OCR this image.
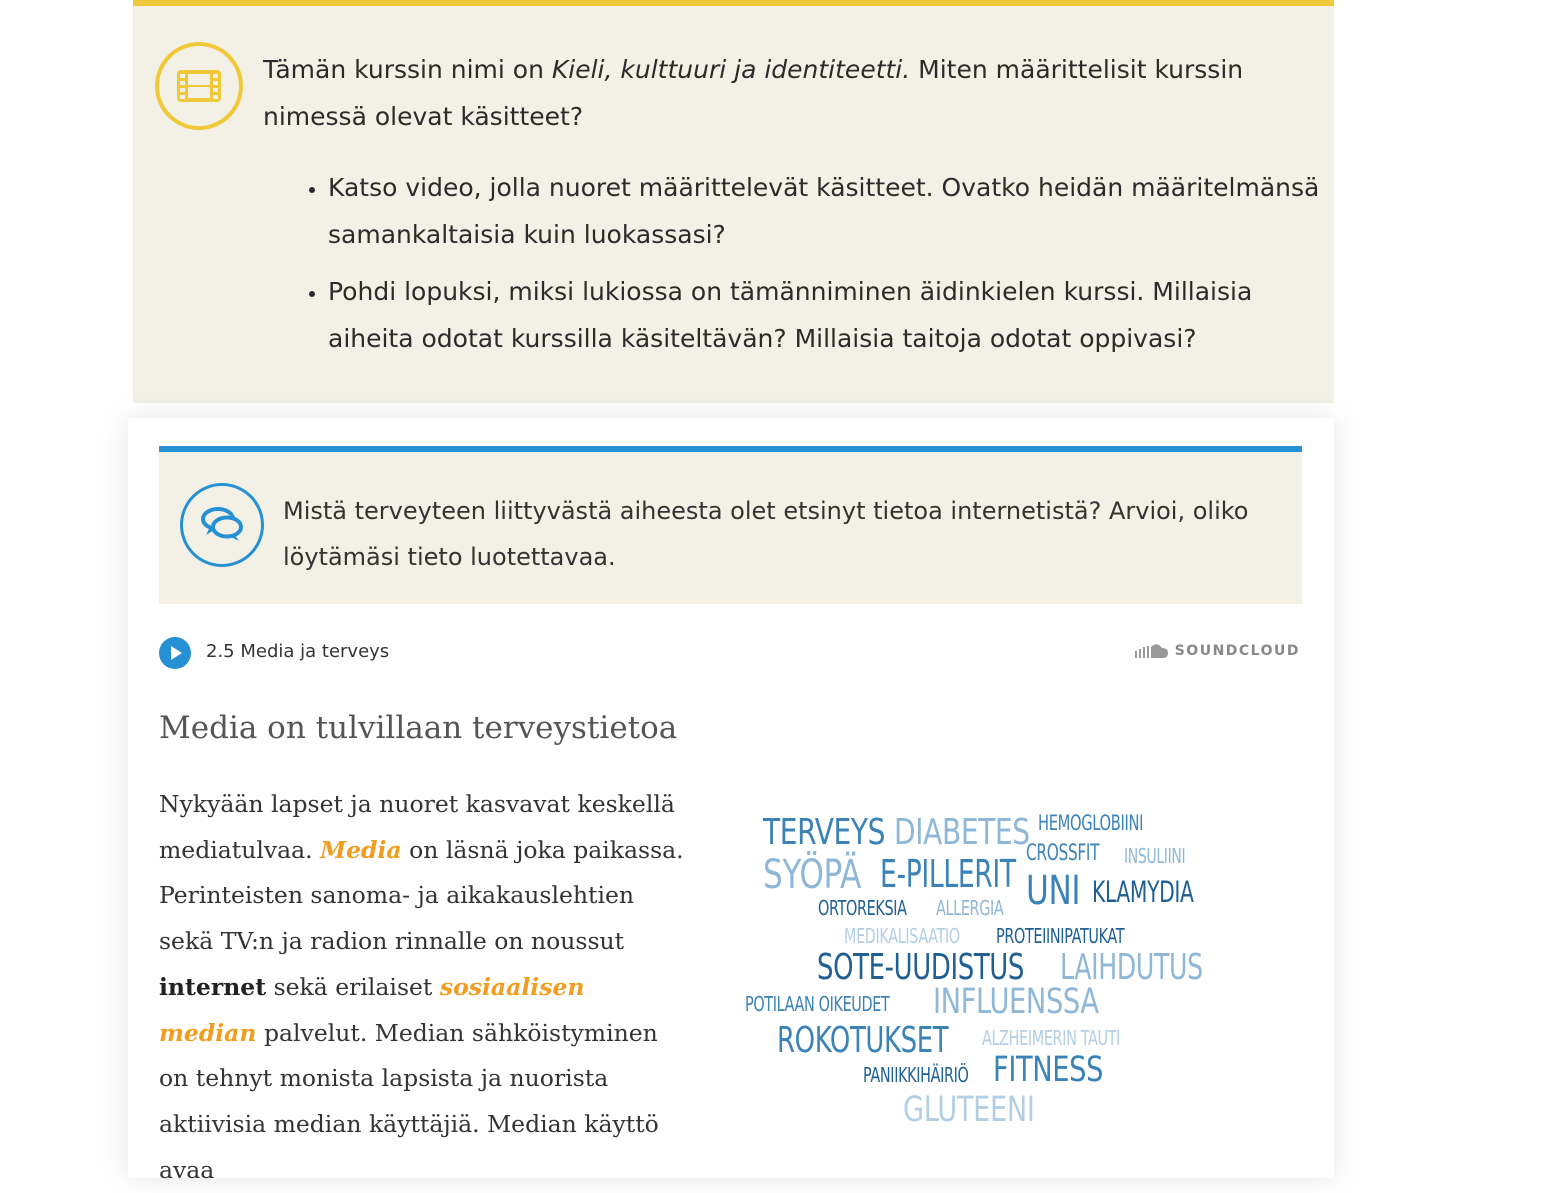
Tämän kurssin nimi on Kieli, kulttuuri ja identiteetti. Miten määrittelisit kurssin nimessä olevat käsitteet?

• Katso video, jolla nuoret määrittelevät käsitteet. Ovatko heidän määritelmänsä samankaltaisia kuin luokassasi?
• Pohdi lopuksi, miksi lukiossa on tämänniminen äidinkielen kurssi. Millaisia aiheita odotat kurssilla käsiteltävän? Millaisia taitoja odotat oppivasi?

Mistä terveyteen liittyvästä aiheesta olet etsinyt tietoa internetistä? Arvioi, oliko löytämäsi tieto luotettavaa.

2.5 Media ja terveys	SOUNDCLOUD
Media on tulvillaan terveystietoa

Nykyään lapset ja nuoret kasvavat keskellä mediatulvaa. Media on läsnä joka paikassa. Perinteisten sanoma- ja aikakauslehtien sekä TV:n ja radion rinnalle on noussut internet sekä erilaiset sosiaalisen median palvelut. Median sähköistyminen on tehnyt monista lapsista ja nuorista aktiivisia median käyttäjiä. Median käyttö avaa

TERVEYS DIABETES HEMOGLOBIINI
SYÖPÄ E-PILLERIT CROSSFIT INSULIINI
UNI KLAMYDIA
ORTOREKSIA ALLERGIA
MEDIKALISAATIO PROTEIINIPATUKAT
SOTE-UUDISTUS LAIHDUTUS
POTILAAN OIKEUDET INFLUENSSA
ROKOTUKSET ALZHEIMERIN TAUTI
PANIIKKIHÄIRIÖ FITNESS
GLUTEENI
